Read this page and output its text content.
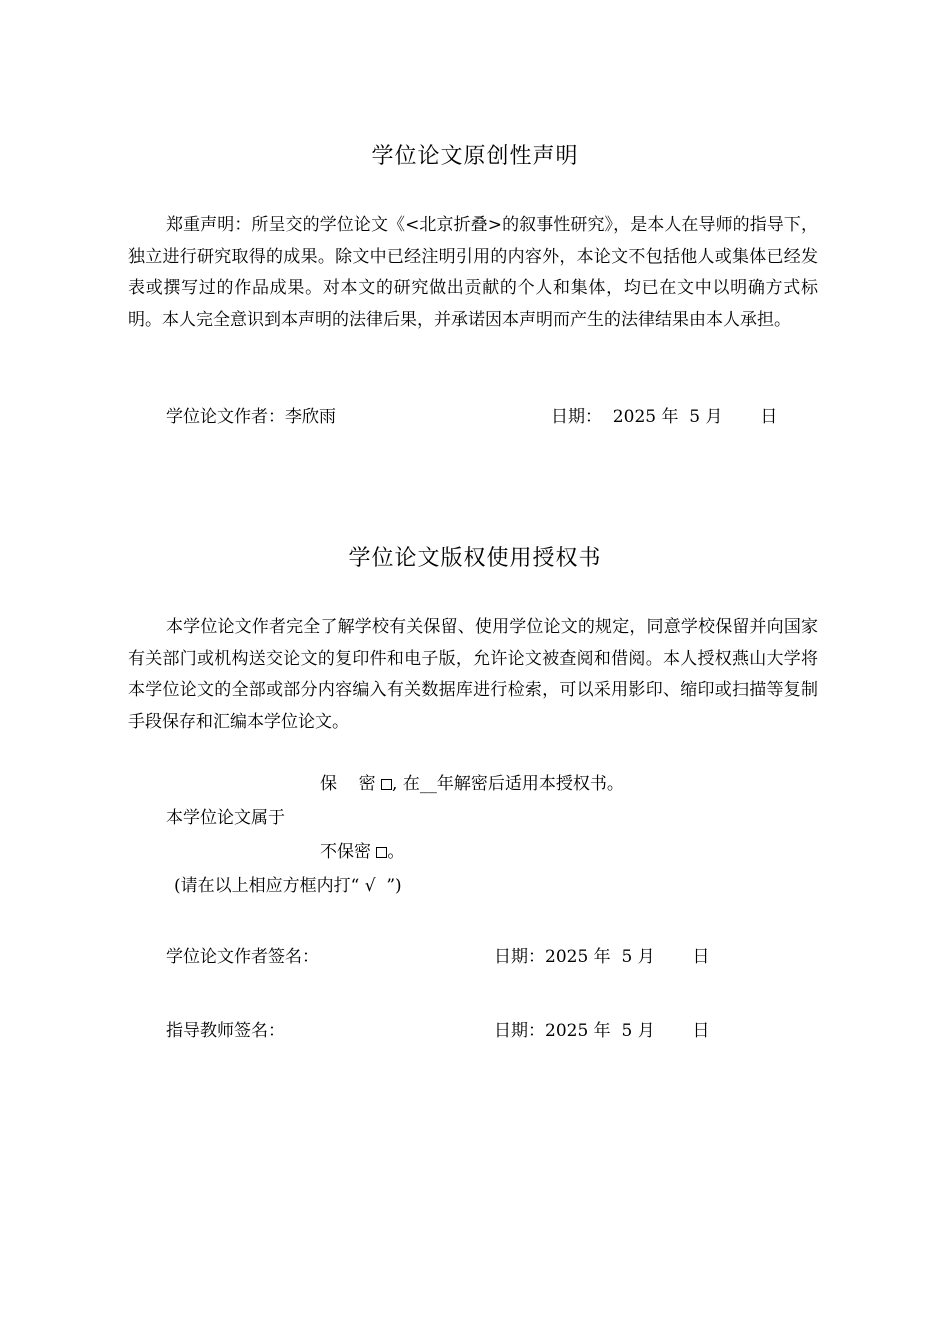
学位论文原创性声明

郑重声明：所呈交的学位论文《<北京折叠>的叙事性研究》，是本人在导师的指导下，独立进行研究取得的成果。除文中已经注明引用的内容外，本论文不包括他人或集体已经发表或撰写过的作品成果。对本文的研究做出贡献的个人和集体，均已在文中以明确方式标明。本人完全意识到本声明的法律后果，并承诺因本声明而产生的法律结果由本人承担。

学位论文作者：李欣雨	日期：  2025 年  5 月       日

学位论文版权使用授权书

本学位论文作者完全了解学校有关保留、使用学位论文的规定，同意学校保留并向国家有关部门或机构送交论文的复印件和电子版，允许论文被查阅和借阅。本人授权燕山大学将本学位论文的全部或部分内容编入有关数据库进行检索，可以采用影印、缩印或扫描等复制手段保存和汇编本学位论文。

保    密 , 在__年解密后适用本授权书。

本学位论文属于

不保密 。

(请在以上相应方框内打“ √  ”)

学位论文作者签名：	日期：2025 年  5 月       日

指导教师签名：	日期：2025 年  5 月       日
